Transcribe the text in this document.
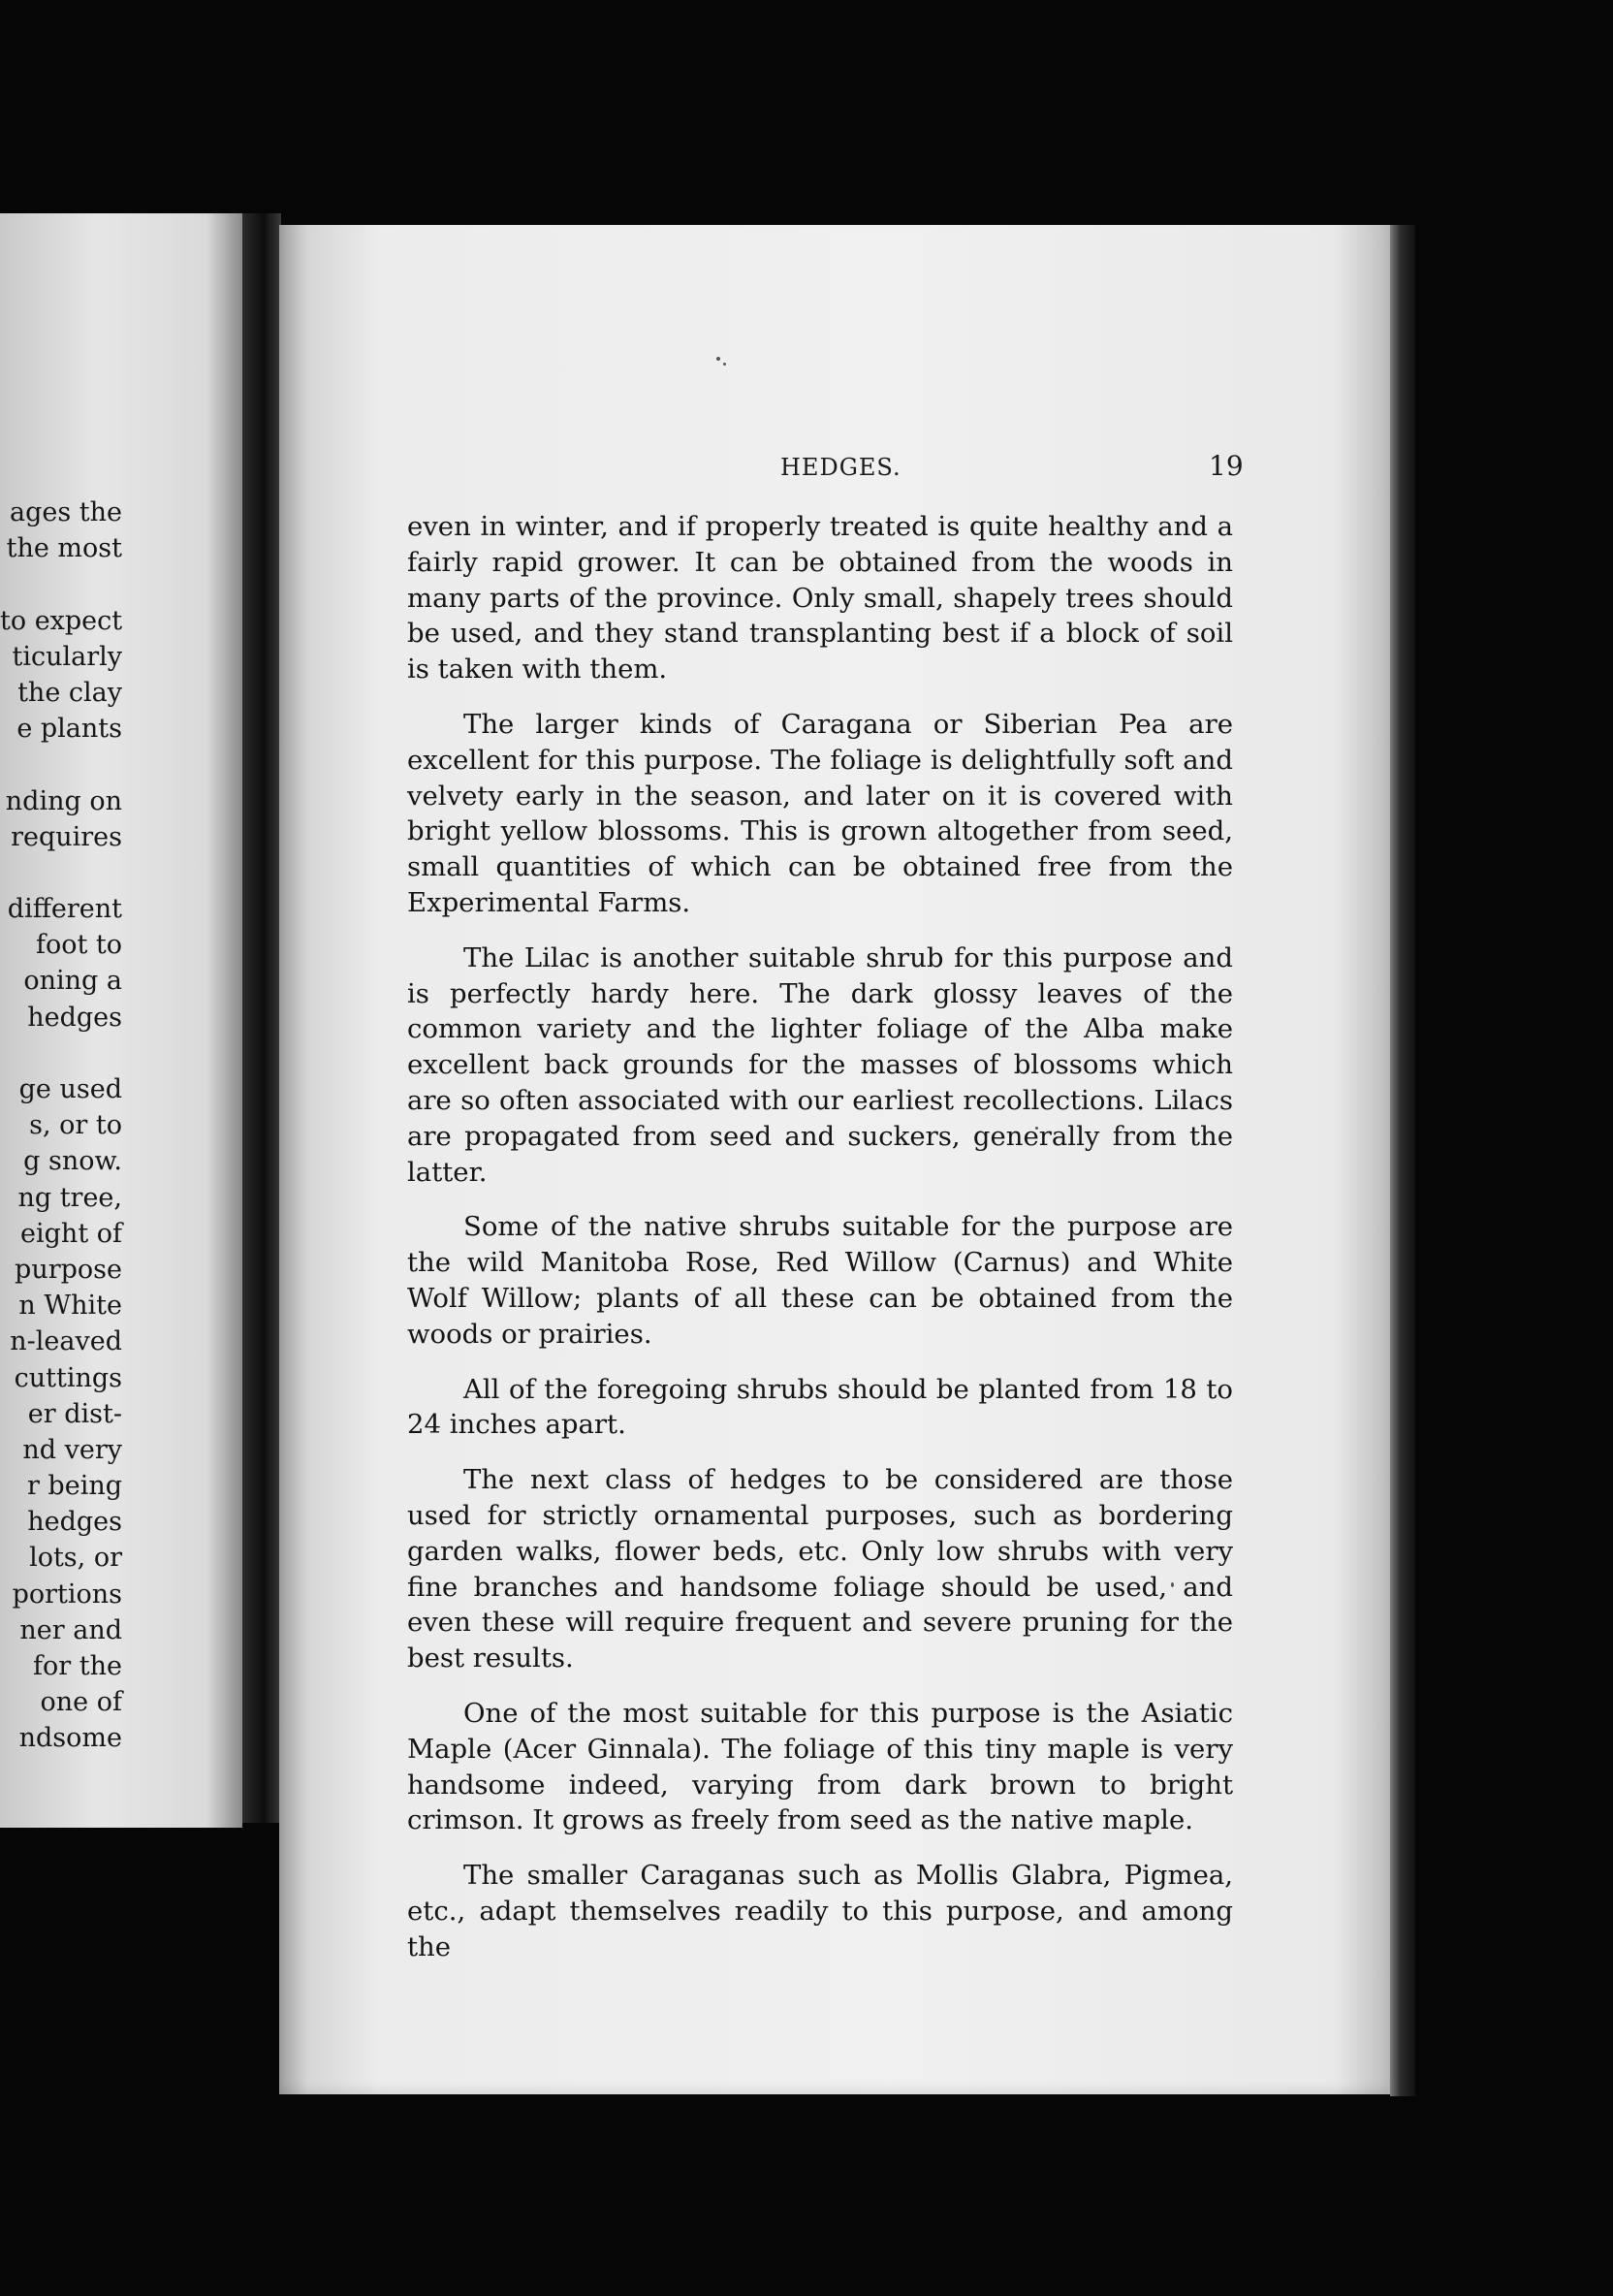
ages the
the most
to expect
ticularly
the clay
e plants
nding on
requires
different
foot to
oning a
hedges
ge used
s, or to
g snow.
ng tree,
eight of
purpose
n White
n-leaved
cuttings
er dist-
nd very
r being
hedges
lots, or
portions
ner and
for the
one of
ndsome
HEDGES.	19

even in winter, and if properly treated is quite healthy and a fairly rapid grower. It can be obtained from the woods in many parts of the province. Only small, shapely trees should be used, and they stand transplanting best if a block of soil is taken with them.

The larger kinds of Caragana or Siberian Pea are excellent for this purpose. The foliage is delightfully soft and velvety early in the season, and later on it is covered with bright yellow blossoms. This is grown altogether from seed, small quantities of which can be obtained free from the Experimental Farms.

The Lilac is another suitable shrub for this purpose and is perfectly hardy here. The dark glossy leaves of the common variety and the lighter foliage of the Alba make excellent back grounds for the masses of blossoms which are so often associated with our earliest recollections. Lilacs are propagated from seed and suckers, generally from the latter.

Some of the native shrubs suitable for the purpose are the wild Manitoba Rose, Red Willow (Carnus) and White Wolf Willow; plants of all these can be obtained from the woods or prairies.

All of the foregoing shrubs should be planted from 18 to 24 inches apart.

The next class of hedges to be considered are those used for strictly ornamental purposes, such as bordering garden walks, flower beds, etc. Only low shrubs with very fine branches and handsome foliage should be used, and even these will require frequent and severe pruning for the best results.

One of the most suitable for this purpose is the Asiatic Maple (Acer Ginnala). The foliage of this tiny maple is very handsome indeed, varying from dark brown to bright crimson. It grows as freely from seed as the native maple.

The smaller Caraganas such as Mollis Glabra, Pigmea, etc., adapt themselves readily to this purpose, and among the
